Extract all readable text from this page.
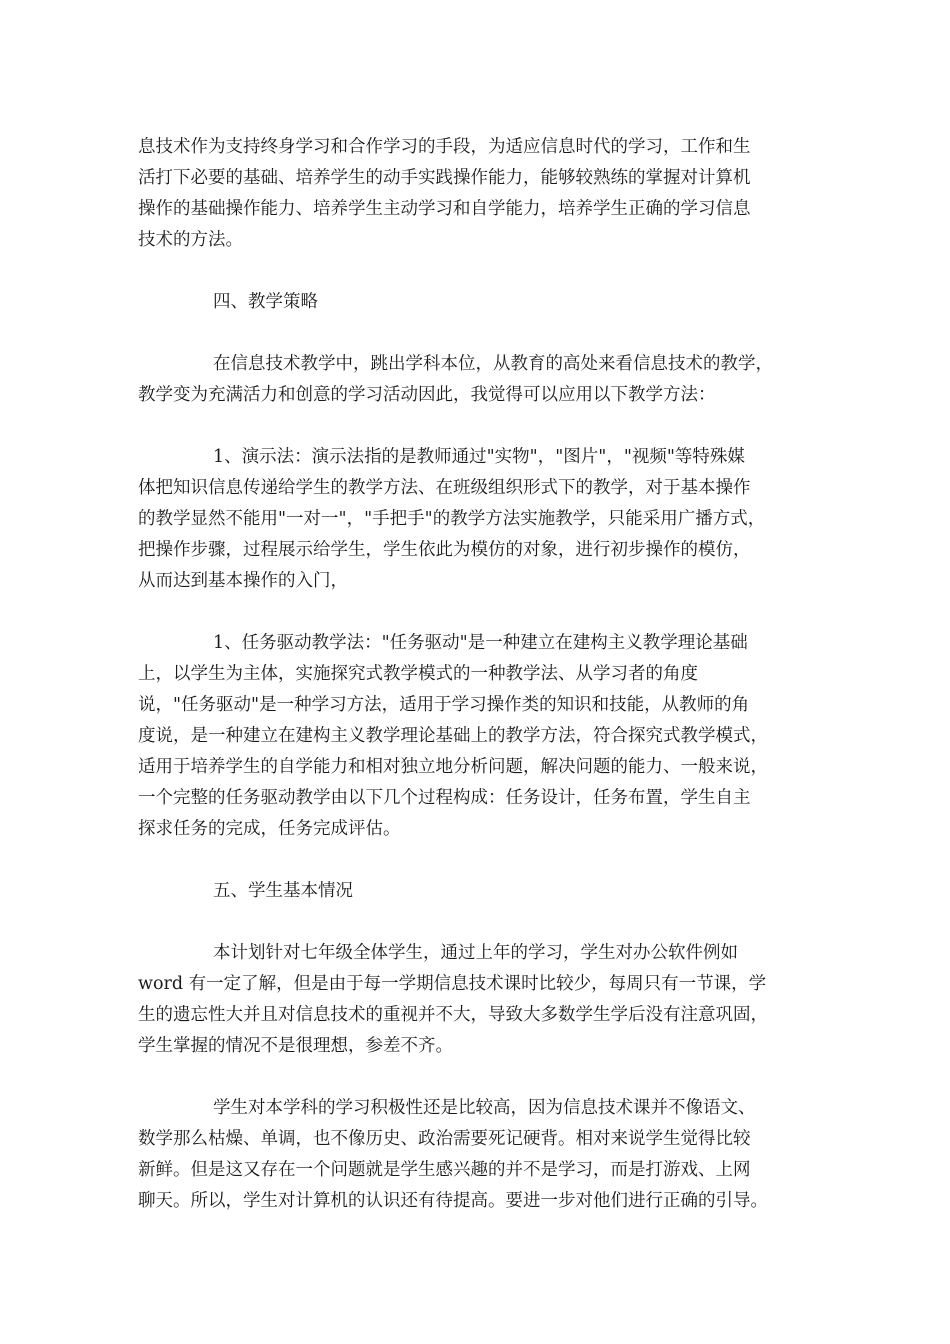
息技术作为支持终身学习和合作学习的手段，为适应信息时代的学习，工作和生
活打下必要的基础、培养学生的动手实践操作能力，能够较熟练的掌握对计算机
操作的基础操作能力、培养学生主动学习和自学能力，培养学生正确的学习信息
技术的方法。
四、教学策略
在信息技术教学中，跳出学科本位，从教育的高处来看信息技术的教学，
教学变为充满活力和创意的学习活动因此，我觉得可以应用以下教学方法：
1、演示法：演示法指的是教师通过"实物"，"图片"，"视频"等特殊媒
体把知识信息传递给学生的教学方法、在班级组织形式下的教学，对于基本操作
的教学显然不能用"一对一"，"手把手"的教学方法实施教学，只能采用广播方式，
把操作步骤，过程展示给学生，学生依此为模仿的对象，进行初步操作的模仿，
从而达到基本操作的入门，
1、任务驱动教学法："任务驱动"是一种建立在建构主义教学理论基础
上，以学生为主体，实施探究式教学模式的一种教学法、从学习者的角度
说，"任务驱动"是一种学习方法，适用于学习操作类的知识和技能，从教师的角
度说，是一种建立在建构主义教学理论基础上的教学方法，符合探究式教学模式，
适用于培养学生的自学能力和相对独立地分析问题，解决问题的能力、一般来说，
一个完整的任务驱动教学由以下几个过程构成：任务设计，任务布置，学生自主
探求任务的完成，任务完成评估。
五、学生基本情况
本计划针对七年级全体学生，通过上年的学习，学生对办公软件例如
word 有一定了解，但是由于每一学期信息技术课时比较少，每周只有一节课，学
生的遗忘性大并且对信息技术的重视并不大，导致大多数学生学后没有注意巩固，
学生掌握的情况不是很理想，参差不齐。
学生对本学科的学习积极性还是比较高，因为信息技术课并不像语文、
数学那么枯燥、单调，也不像历史、政治需要死记硬背。相对来说学生觉得比较
新鲜。但是这又存在一个问题就是学生感兴趣的并不是学习，而是打游戏、上网
聊天。所以，学生对计算机的认识还有待提高。要进一步对他们进行正确的引导。
